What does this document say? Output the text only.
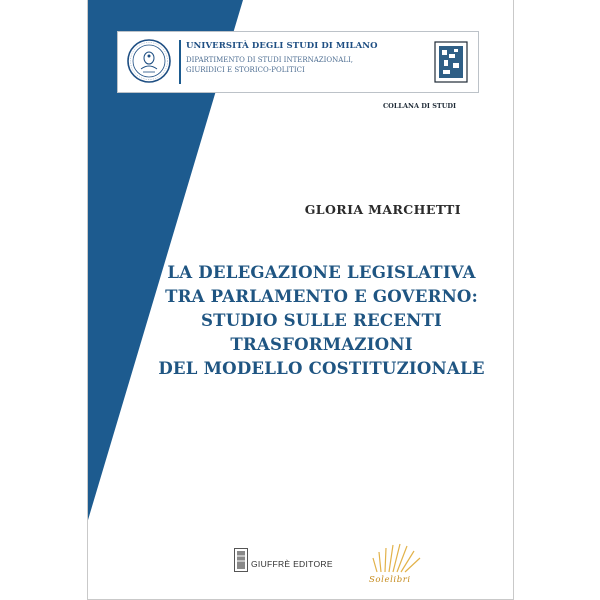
UNIVERSITÀ DEGLI STUDI DI MILANO
DIPARTIMENTO DI STUDI INTERNAZIONALI,
GIURIDICI E STORICO-POLITICI
COLLANA DI STUDI
GLORIA MARCHETTI
LA DELEGAZIONE LEGISLATIVA
TRA PARLAMENTO E GOVERNO:
STUDIO SULLE RECENTI
TRASFORMAZIONI
DEL MODELLO COSTITUZIONALE
GIUFFRÈ EDITORE
Solelibri
